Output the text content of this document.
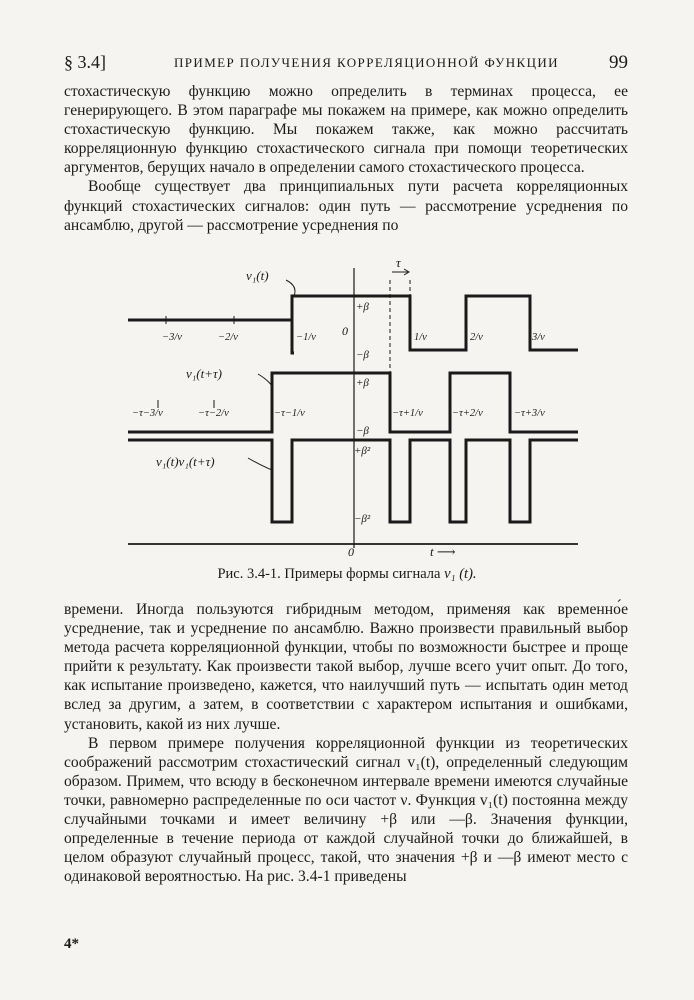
§ 3.4]	ПРИМЕР ПОЛУЧЕНИЯ КОРРЕЛЯЦИОННОЙ ФУНКЦИИ	99

стохастическую функцию можно определить в терминах процесса, ее генерирующего. В этом параграфе мы покажем на примере, как можно определить стохастическую функцию. Мы покажем также, как можно рассчитать корреляционную функцию стохастического сигнала при помощи теоретических аргументов, берущих начало в определении самого стохастического процесса.

Вообще существует два принципиальных пути расчета корреляционных функций стохастических сигналов: один путь — рассмотрение усреднения по ансамблю, другой — рассмотрение усреднения по

v₁(t)
v₁(t+τ)
v₁(t)v₁(t+τ)
τ
+β
0
−β
+β
−β
+β²
−β²
0	t ⟶
−3/ν	−2/ν	−1/ν	1/ν	2/ν	3/ν
−τ−3/ν	−τ−2/ν	−τ−1/ν	−τ+1/ν	−τ+2/ν	−τ+3/ν
Рис. 3.4-1. Примеры формы сигнала v₁ (t).

времени. Иногда пользуются гибридным методом, применяя как временно́е усреднение, так и усреднение по ансамблю. Важно произвести правильный выбор метода расчета корреляционной функции, чтобы по возможности быстрее и проще прийти к результату. Как произвести такой выбор, лучше всего учит опыт. До того, как испытание произведено, кажется, что наилучший путь — испытать один метод вслед за другим, а затем, в соответствии с характером испытания и ошибками, установить, какой из них лучше.

В первом примере получения корреляционной функции из теоретических соображений рассмотрим стохастический сигнал v₁(t), определенный следующим образом. Примем, что всюду в бесконечном интервале времени имеются случайные точки, равномерно распределенные по оси частот ν. Функция v₁(t) постоянна между случайными точками и имеет величину +β или —β. Значения функции, определенные в течение периода от каждой случайной точки до ближайшей, в целом образуют случайный процесс, такой, что значения +β и —β имеют место с одинаковой вероятностью. На рис. 3.4-1 приведены

4*
